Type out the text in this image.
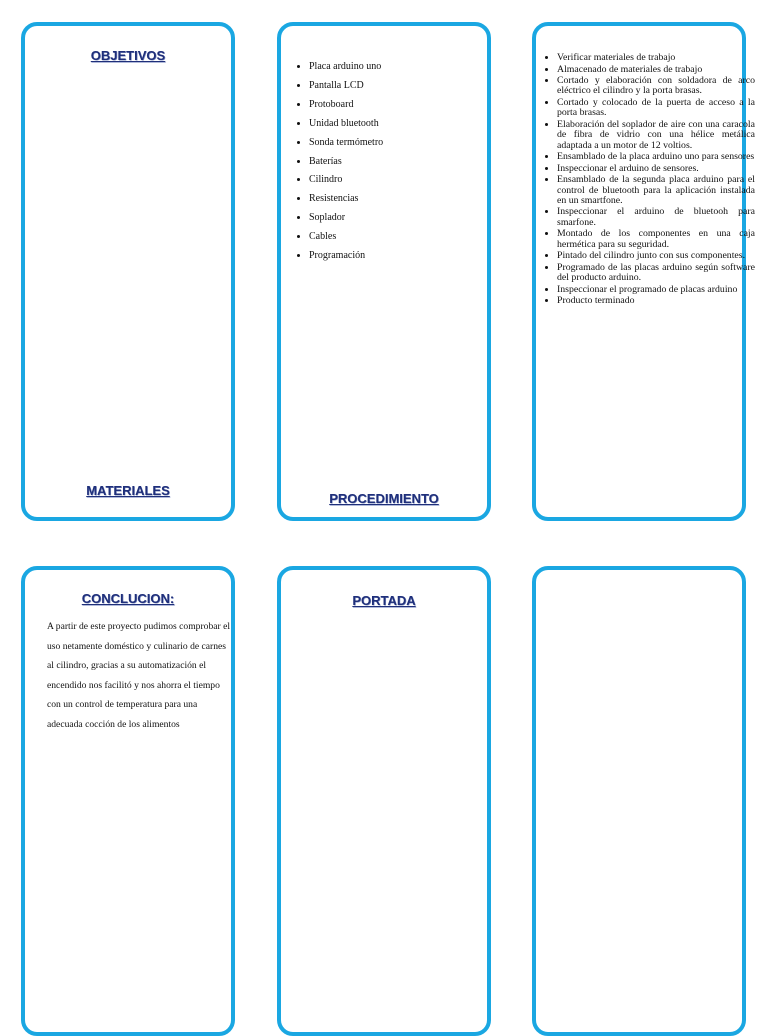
OBJETIVOS
MATERIALES
• Placa arduino uno
• Pantalla LCD
• Protoboard
• Unidad bluetooth
• Sonda termómetro
• Baterías
• Cilindro
• Resistencias
• Soplador
• Cables
• Programación
PROCEDIMIENTO
• Verificar materiales de trabajo
• Almacenado de materiales de trabajo
• Cortado y elaboración con soldadora de arco eléctrico el cilindro y la porta brasas.
• Cortado y colocado de la puerta de acceso a la porta brasas.
• Elaboración del soplador de aire con una caracola de fibra de vidrio con una hélice metálica adaptada a un motor de 12 voltios.
• Ensamblado de la placa arduino uno para sensores
• Inspeccionar el arduino de sensores.
• Ensamblado de la segunda placa arduino para el control de bluetooth para la aplicación instalada en un smartfone.
• Inspeccionar el arduino de bluetooh para smarfone.
• Montado de los componentes en una caja hermética para su seguridad.
• Pintado del cilindro junto con sus componentes.
• Programado de las placas arduino según software del producto arduino.
• Inspeccionar el programado de placas arduino
• Producto terminado
CONCLUCION:

A partir de este proyecto pudimos comprobar el uso netamente doméstico y culinario de carnes al cilindro, gracias a su automatización el encendido nos facilitó y nos ahorra el tiempo con un control de temperatura para una adecuada cocción de los alimentos

PORTADA
